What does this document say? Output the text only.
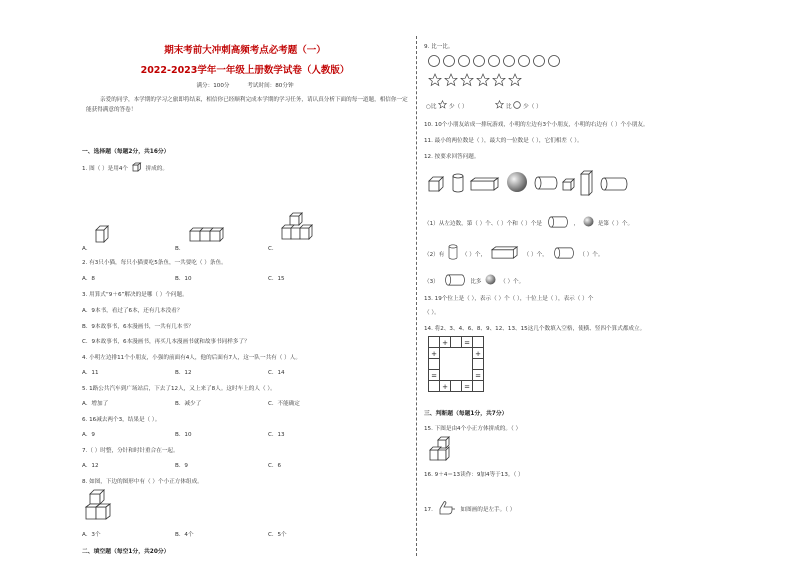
期末考前大冲刺高频考点必考题（一）
2022-2023学年一年级上册数学试卷（人教版）
满分：100分	考试时间：80分钟
亲爱的同学，本学期的学习之旅即将结束，相信你已经顺利完成本学期的学习任务，请认真分析下面的每一道题，相信你一定能获得满意的答卷！
一、选择题（每题2分，共16分）
1. 图（ ）是用4个	拼成的。
A．	B．	C．
2. 有3只小猫，每只小猫要吃5条鱼，一共要吃（ ）条鱼。
A．8	B．10	C．15
3. 用算式“9＋6”解决的是哪（ ）个问题。
A．9本书，看过了6本，还有几本没看？
B．9本故事书，6本漫画书，一共有几本书？
C．9本故事书，6本漫画书，再买几本漫画书就和故事书同样多了？
4. 小明左边排11个小朋友，小强的前面有4人，他的后面有7人，这一队一共有（ ）人。
A．11	B．12	C．14
5. 1路公共汽车到广场站后，下去了12人，又上来了8人。这时车上的人（ ）。
A．增加了	B．减少了	C．不能确定
6. 16减去两个3，结果是（ ）。
A．9	B．10	C．13
7.（ ）时整，分针和时针重合在一起。
A．12	B．9	C．6
8. 如图，下边的图形中有（ ）个小正方体组成。
A．3个	B．4个	C．5个
二、填空题（每空1分，共20分）
9. 比一比。
○比 少（ ）	比 少（ ）
10. 10个小朋友站成一排玩游戏，小明的左边有3个小朋友，小明的右边有（ ）个小朋友。
11. 最小的两位数是（ ），最大的一位数是（ ），它们相差（ ）。
12. 按要求回答问题。
（1）从左边数，第（ ）个、（ ）个和（ ）个是	，	是第（ ）个。
（2）有	（ ）个，	（ ）个，	（ ）个。
（3）	比多	（ ）个。
13. 19个位上是（ ），表示（ ）个（ ），十位上是（ ），表示（ ）个
（ ）。
14. 将2、3、4、6、8、9、12、13、15这几个数填入空格，使横、竖四个算式都成立。
+	=
+	+
=	=
+	=
三、判断题（每题1分，共7分）
15. 下图是由4个小正方体拼成的。（ ）
16. 9＋4＝13读作：9加4等于13。（ ）
17.	如图画的是左手。（ ）
